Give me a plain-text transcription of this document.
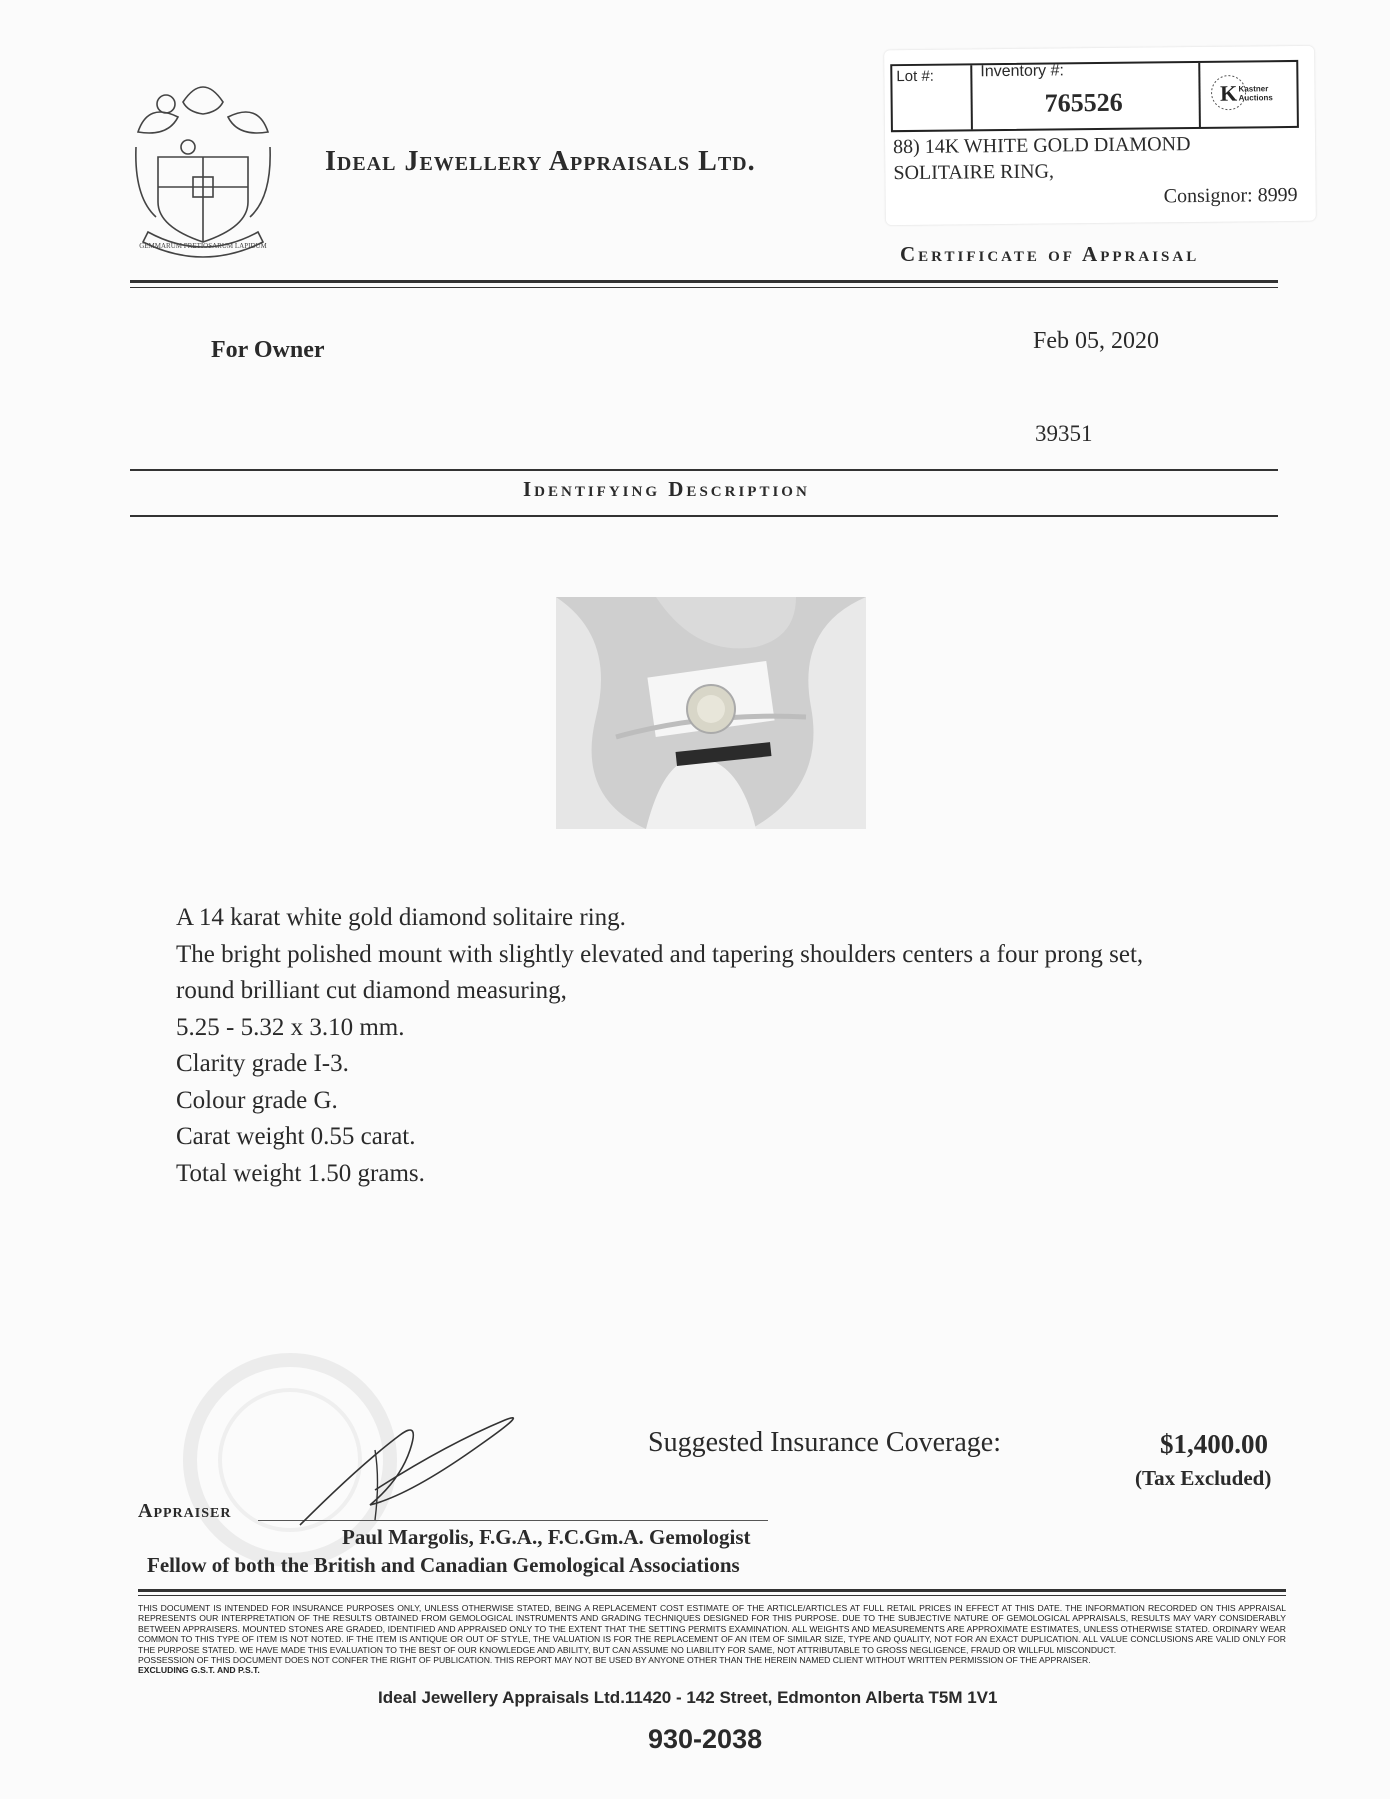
GEMMARUM PRETIOSARUM LAPIDUM
Ideal Jewellery Appraisals Ltd.
Lot #:	Inventory #:
765526	K Kastner Auctions
88) 14K WHITE GOLD DIAMOND
SOLITAIRE RING,
Consignor: 8999
Certificate of Appraisal
For Owner	Feb 05, 2020
39351
Identifying Description
A 14 karat white gold diamond solitaire ring.
The bright polished mount with slightly elevated and tapering shoulders centers a four prong set,
round brilliant cut diamond measuring,
5.25 - 5.32 x 3.10 mm.
Clarity grade I-3.
Colour grade G.
Carat weight 0.55 carat.
Total weight 1.50 grams.
Suggested Insurance Coverage:	$1,400.00
(Tax Excluded)
Appraiser
Paul Margolis, F.G.A., F.C.Gm.A. Gemologist
Fellow of both the British and Canadian Gemological Associations
THIS DOCUMENT IS INTENDED FOR INSURANCE PURPOSES ONLY, UNLESS OTHERWISE STATED, BEING A REPLACEMENT COST ESTIMATE OF THE ARTICLE/ARTICLES AT FULL RETAIL PRICES IN EFFECT AT THIS DATE. THE INFORMATION RECORDED ON THIS APPRAISAL REPRESENTS OUR INTERPRETATION OF THE RESULTS OBTAINED FROM GEMOLOGICAL INSTRUMENTS AND GRADING TECHNIQUES DESIGNED FOR THIS PURPOSE. DUE TO THE SUBJECTIVE NATURE OF GEMOLOGICAL APPRAISALS, RESULTS MAY VARY CONSIDERABLY BETWEEN APPRAISERS. MOUNTED STONES ARE GRADED, IDENTIFIED AND APPRAISED ONLY TO THE EXTENT THAT THE SETTING PERMITS EXAMINATION. ALL WEIGHTS AND MEASUREMENTS ARE APPROXIMATE ESTIMATES, UNLESS OTHERWISE STATED. ORDINARY WEAR COMMON TO THIS TYPE OF ITEM IS NOT NOTED. IF THE ITEM IS ANTIQUE OR OUT OF STYLE, THE VALUATION IS FOR THE REPLACEMENT OF AN ITEM OF SIMILAR SIZE, TYPE AND QUALITY, NOT FOR AN EXACT DUPLICATION. ALL VALUE CONCLUSIONS ARE VALID ONLY FOR THE PURPOSE STATED. WE HAVE MADE THIS EVALUATION TO THE BEST OF OUR KNOWLEDGE AND ABILITY, BUT CAN ASSUME NO LIABILITY FOR SAME, NOT ATTRIBUTABLE TO GROSS NEGLIGENCE, FRAUD OR WILLFUL MISCONDUCT.
POSSESSION OF THIS DOCUMENT DOES NOT CONFER THE RIGHT OF PUBLICATION. THIS REPORT MAY NOT BE USED BY ANYONE OTHER THAN THE HEREIN NAMED CLIENT WITHOUT WRITTEN PERMISSION OF THE APPRAISER.
EXCLUDING G.S.T. AND P.S.T.
Ideal Jewellery Appraisals Ltd.11420 - 142 Street, Edmonton Alberta T5M 1V1
930-2038
